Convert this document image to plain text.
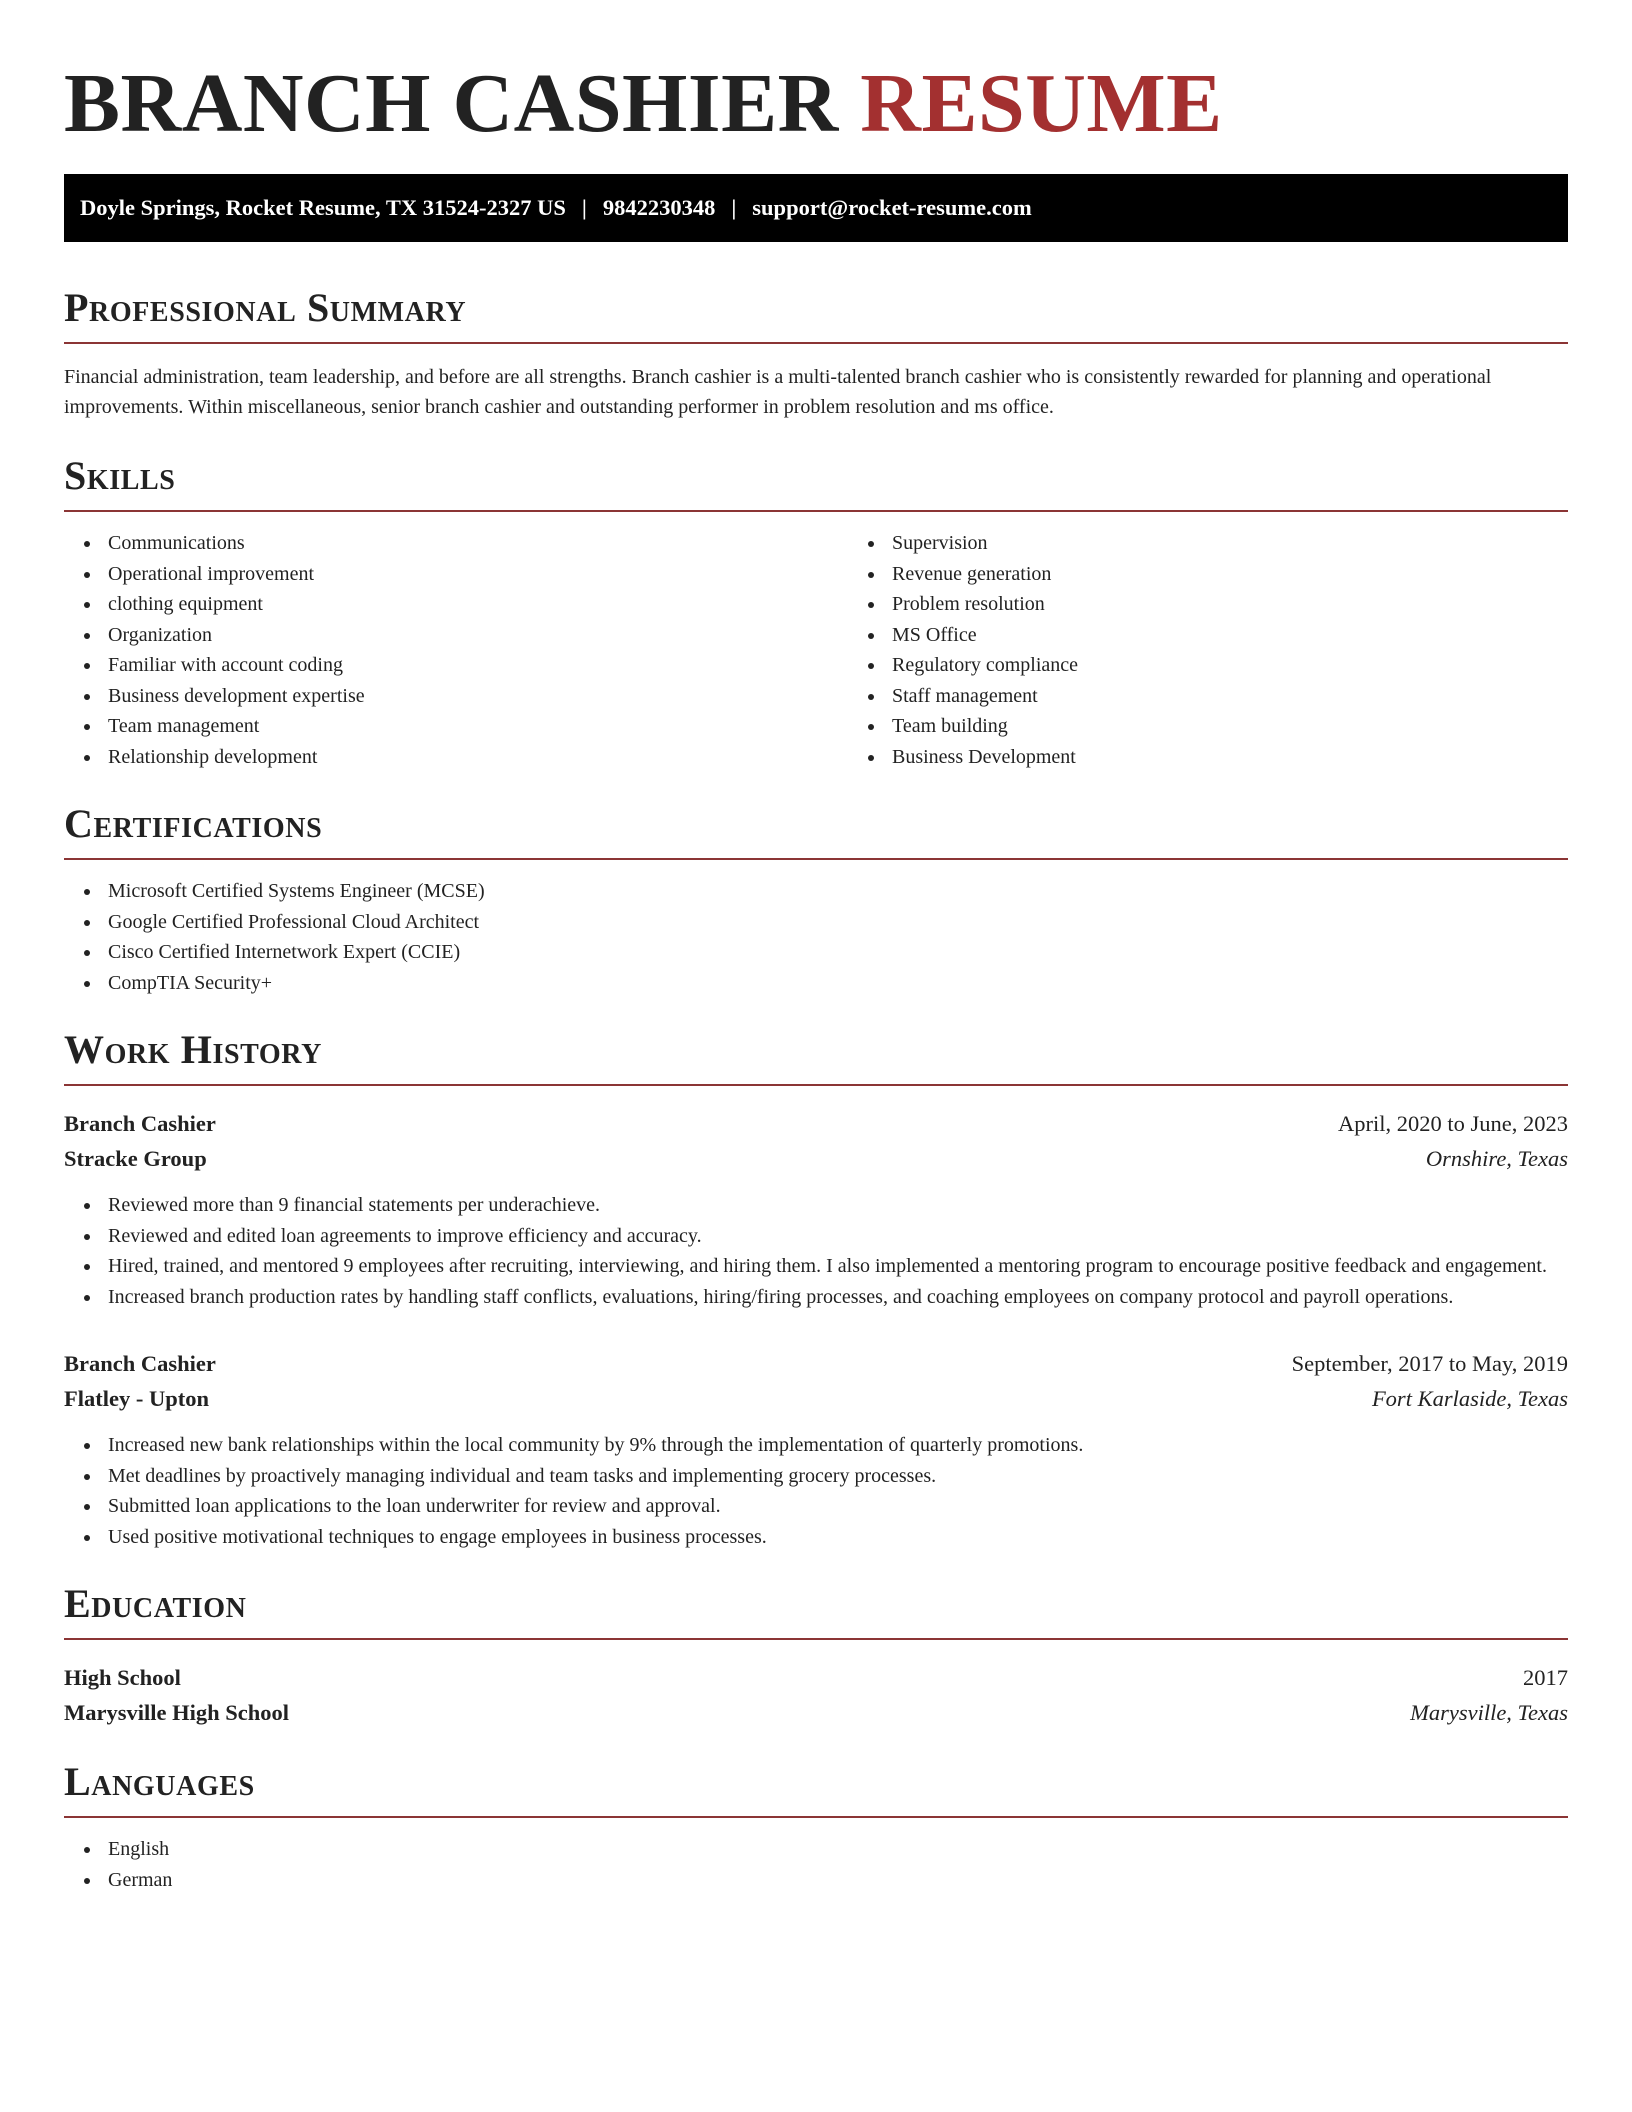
BRANCH CASHIER RESUME
Doyle Springs, Rocket Resume, TX 31524-2327 US | 9842230348 | support@rocket-resume.com
Professional Summary

Financial administration, team leadership, and before are all strengths. Branch cashier is a multi-talented branch cashier who is consistently rewarded for planning and operational improvements. Within miscellaneous, senior branch cashier and outstanding performer in problem resolution and ms office.

Skills
Communications
Operational improvement
clothing equipment
Organization
Familiar with account coding
Business development expertise
Team management
Relationship development
Supervision
Revenue generation
Problem resolution
MS Office
Regulatory compliance
Staff management
Team building
Business Development
Certifications
Microsoft Certified Systems Engineer (MCSE)
Google Certified Professional Cloud Architect
Cisco Certified Internetwork Expert (CCIE)
CompTIA Security+
Work History
Branch Cashier	April, 2020 to June, 2023
Stracke Group	Ornshire, Texas
Reviewed more than 9 financial statements per underachieve.
Reviewed and edited loan agreements to improve efficiency and accuracy.
Hired, trained, and mentored 9 employees after recruiting, interviewing, and hiring them. I also implemented a mentoring program to encourage positive feedback and engagement.
Increased branch production rates by handling staff conflicts, evaluations, hiring/firing processes, and coaching employees on company protocol and payroll operations.
Branch Cashier	September, 2017 to May, 2019
Flatley - Upton	Fort Karlaside, Texas
Increased new bank relationships within the local community by 9% through the implementation of quarterly promotions.
Met deadlines by proactively managing individual and team tasks and implementing grocery processes.
Submitted loan applications to the loan underwriter for review and approval.
Used positive motivational techniques to engage employees in business processes.
Education
High School	2017
Marysville High School	Marysville, Texas
Languages
English
German
